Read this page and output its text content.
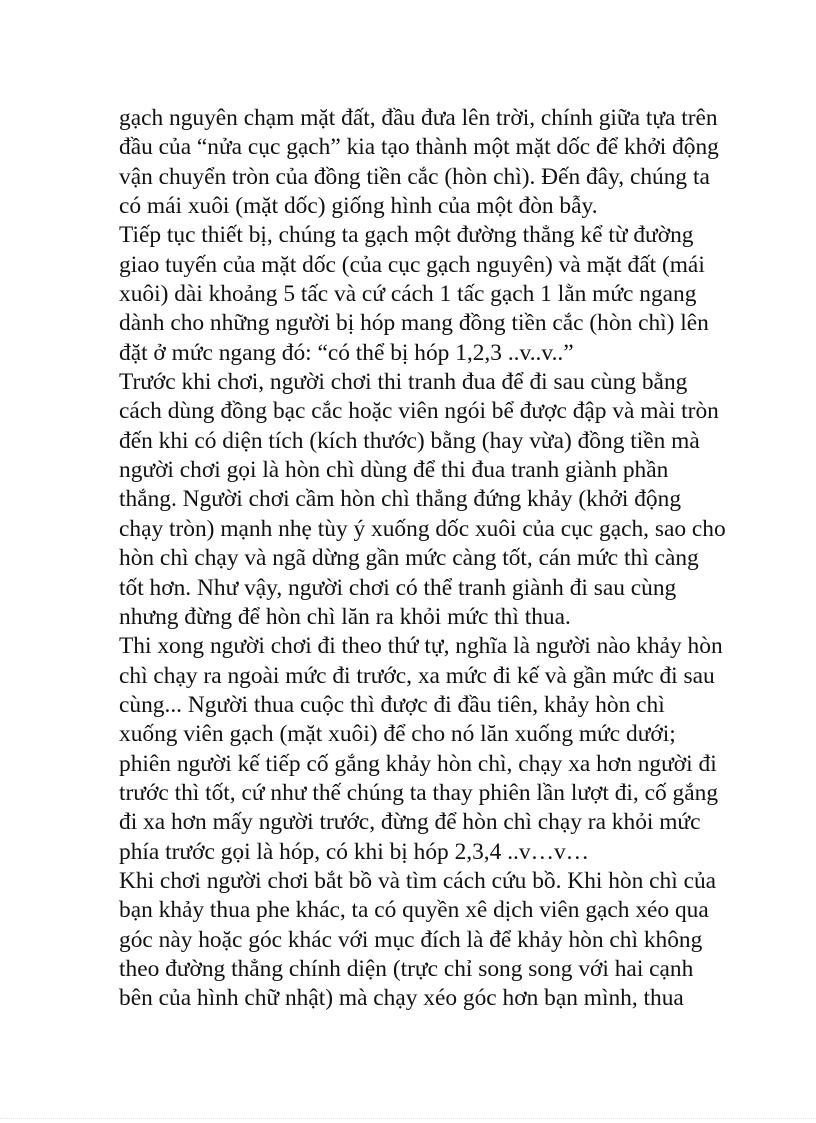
gạch nguyên chạm mặt đất, đầu đưa lên trời, chính giữa tựa trên
đầu của “nửa cục gạch” kia tạo thành một mặt dốc để khởi động
vận chuyển tròn của đồng tiền cắc (hòn chì). Đến đây, chúng ta
có mái xuôi (mặt dốc) giống hình của một đòn bẫy.
Tiếp tục thiết bị, chúng ta gạch một đường thẳng kể từ đường
giao tuyến của mặt dốc (của cục gạch nguyên) và mặt đất (mái
xuôi) dài khoảng 5 tấc và cứ cách 1 tấc gạch 1 lằn mức ngang
dành cho những người bị hóp mang đồng tiền cắc (hòn chì) lên
đặt ở mức ngang đó: “có thể bị hóp 1,2,3 ..v..v..”
Trước khi chơi, người chơi thi tranh đua để đi sau cùng bằng
cách dùng đồng bạc cắc hoặc viên ngói bể được đập và mài tròn
đến khi có diện tích (kích thước) bằng (hay vừa) đồng tiền mà
người chơi gọi là hòn chì dùng để thi đua tranh giành phần
thắng. Người chơi cầm hòn chì thẳng đứng khảy (khởi động
chạy tròn) mạnh nhẹ tùy ý xuống dốc xuôi của cục gạch, sao cho
hòn chì chạy và ngã dừng gần mức càng tốt, cán mức thì càng
tốt hơn. Như vậy, người chơi có thể tranh giành đi sau cùng
nhưng đừng để hòn chì lăn ra khỏi mức thì thua.
Thi xong người chơi đi theo thứ tự, nghĩa là người nào khảy hòn
chì chạy ra ngoài mức đi trước, xa mức đi kế và gần mức đi sau
cùng... Người thua cuộc thì được đi đầu tiên, khảy hòn chì
xuống viên gạch (mặt xuôi) để cho nó lăn xuống mức dưới;
phiên người kế tiếp cố gắng khảy hòn chì, chạy xa hơn người đi
trước thì tốt, cứ như thế chúng ta thay phiên lần lượt đi, cố gắng
đi xa hơn mấy người trước, đừng để hòn chì chạy ra khỏi mức
phía trước gọi là hóp, có khi bị hóp 2,3,4 ..v…v…
Khi chơi người chơi bắt bồ và tìm cách cứu bồ. Khi hòn chì của
bạn khảy thua phe khác, ta có quyền xê dịch viên gạch xéo qua
góc này hoặc góc khác với mục đích là để khảy hòn chì không
theo đường thẳng chính diện (trực chỉ song song với hai cạnh
bên của hình chữ nhật) mà chạy xéo góc hơn bạn mình, thua
